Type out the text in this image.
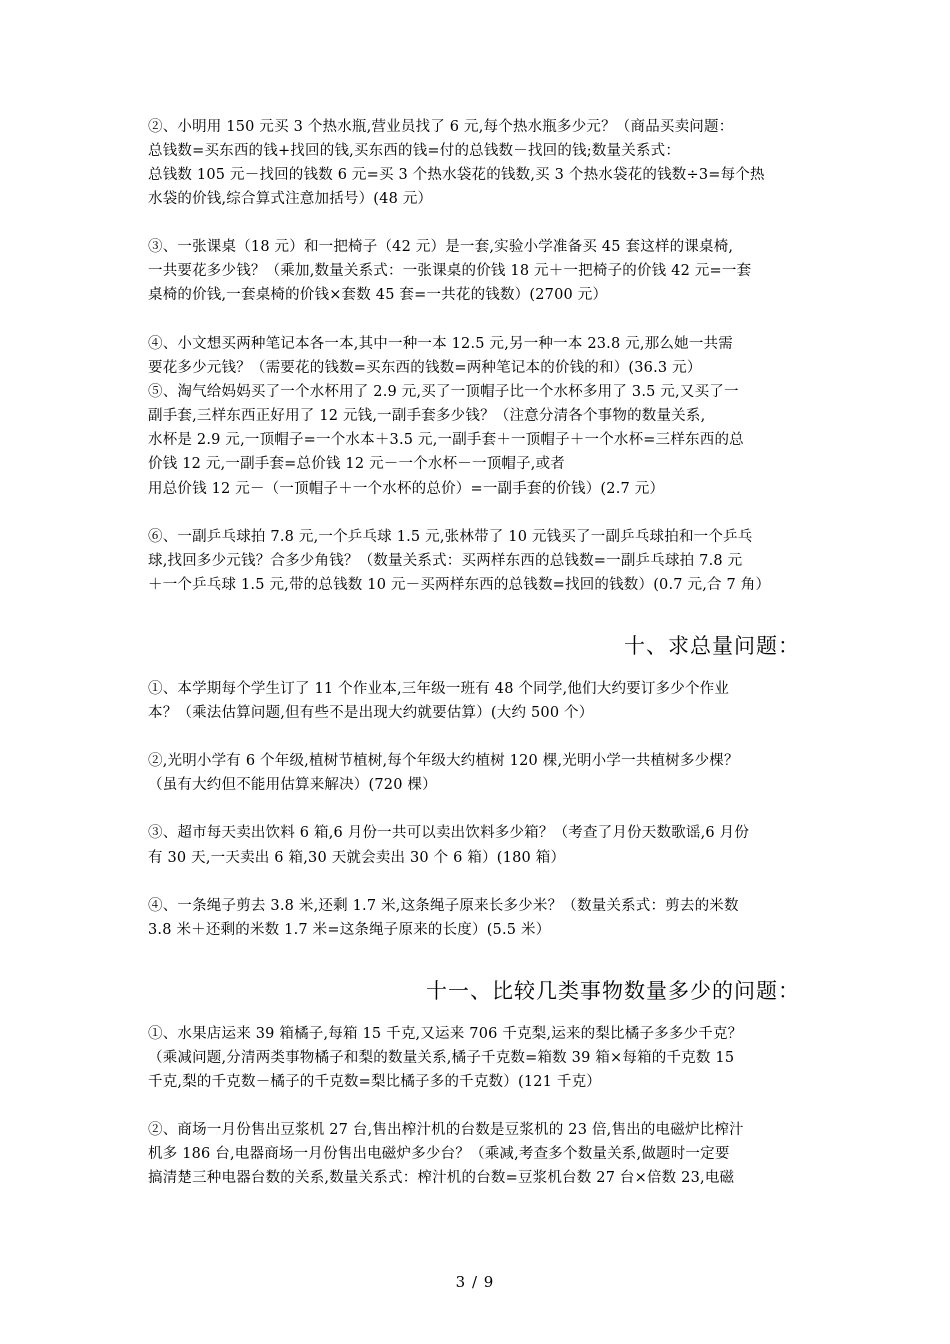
②、小明用 150 元买 3 个热水瓶,营业员找了 6 元,每个热水瓶多少元？（商品买卖问题：
总钱数=买东西的钱+找回的钱,买东西的钱=付的总钱数－找回的钱;数量关系式：
总钱数 105 元－找回的钱数 6 元=买 3 个热水袋花的钱数,买 3 个热水袋花的钱数÷3=每个热
水袋的价钱,综合算式注意加括号）(48 元）
③、一张课桌（18 元）和一把椅子（42 元）是一套,实验小学准备买 45 套这样的课桌椅,
一共要花多少钱？（乘加,数量关系式：一张课桌的价钱 18 元＋一把椅子的价钱 42 元=一套
桌椅的价钱,一套桌椅的价钱×套数 45 套=一共花的钱数）(2700 元）
④、小文想买两种笔记本各一本,其中一种一本 12.5 元,另一种一本 23.8 元,那么她一共需
要花多少元钱？（需要花的钱数=买东西的钱数=两种笔记本的价钱的和）(36.3 元）
⑤、淘气给妈妈买了一个水杯用了 2.9 元,买了一顶帽子比一个水杯多用了 3.5 元,又买了一
副手套,三样东西正好用了 12 元钱,一副手套多少钱？（注意分清各个事物的数量关系,
水杯是 2.9 元,一顶帽子=一个水本＋3.5 元,一副手套＋一顶帽子＋一个水杯=三样东西的总
价钱 12 元,一副手套=总价钱 12 元－一个水杯－一顶帽子,或者
用总价钱 12 元－（一顶帽子＋一个水杯的总价）=一副手套的价钱）(2.7 元）
⑥、一副乒乓球拍 7.8 元,一个乒乓球 1.5 元,张林带了 10 元钱买了一副乒乓球拍和一个乒乓
球,找回多少元钱？合多少角钱？（数量关系式：买两样东西的总钱数=一副乒乓球拍 7.8 元
＋一个乒乓球 1.5 元,带的总钱数 10 元－买两样东西的总钱数=找回的钱数）(0.7 元,合 7 角）
十、求总量问题：
①、本学期每个学生订了 11 个作业本,三年级一班有 48 个同学,他们大约要订多少个作业
本？（乘法估算问题,但有些不是出现大约就要估算）(大约 500 个）
②,光明小学有 6 个年级,植树节植树,每个年级大约植树 120 棵,光明小学一共植树多少棵？
（虽有大约但不能用估算来解决）(720 棵）
③、超市每天卖出饮料 6 箱,6 月份一共可以卖出饮料多少箱？（考查了月份天数歌谣,6 月份
有 30 天,一天卖出 6 箱,30 天就会卖出 30 个 6 箱）(180 箱）
④、一条绳子剪去 3.8 米,还剩 1.7 米,这条绳子原来长多少米？（数量关系式：剪去的米数
3.8 米＋还剩的米数 1.7 米=这条绳子原来的长度）(5.5 米）
十一、比较几类事物数量多少的问题：
①、水果店运来 39 箱橘子,每箱 15 千克,又运来 706 千克梨,运来的梨比橘子多多少千克？
（乘减问题,分清两类事物橘子和梨的数量关系,橘子千克数=箱数 39 箱×每箱的千克数 15
千克,梨的千克数－橘子的千克数=梨比橘子多的千克数）(121 千克）
②、商场一月份售出豆浆机 27 台,售出榨汁机的台数是豆浆机的 23 倍,售出的电磁炉比榨汁
机多 186 台,电器商场一月份售出电磁炉多少台？（乘减,考查多个数量关系,做题时一定要
搞清楚三种电器台数的关系,数量关系式：榨汁机的台数=豆浆机台数 27 台×倍数 23,电磁
3 / 9
